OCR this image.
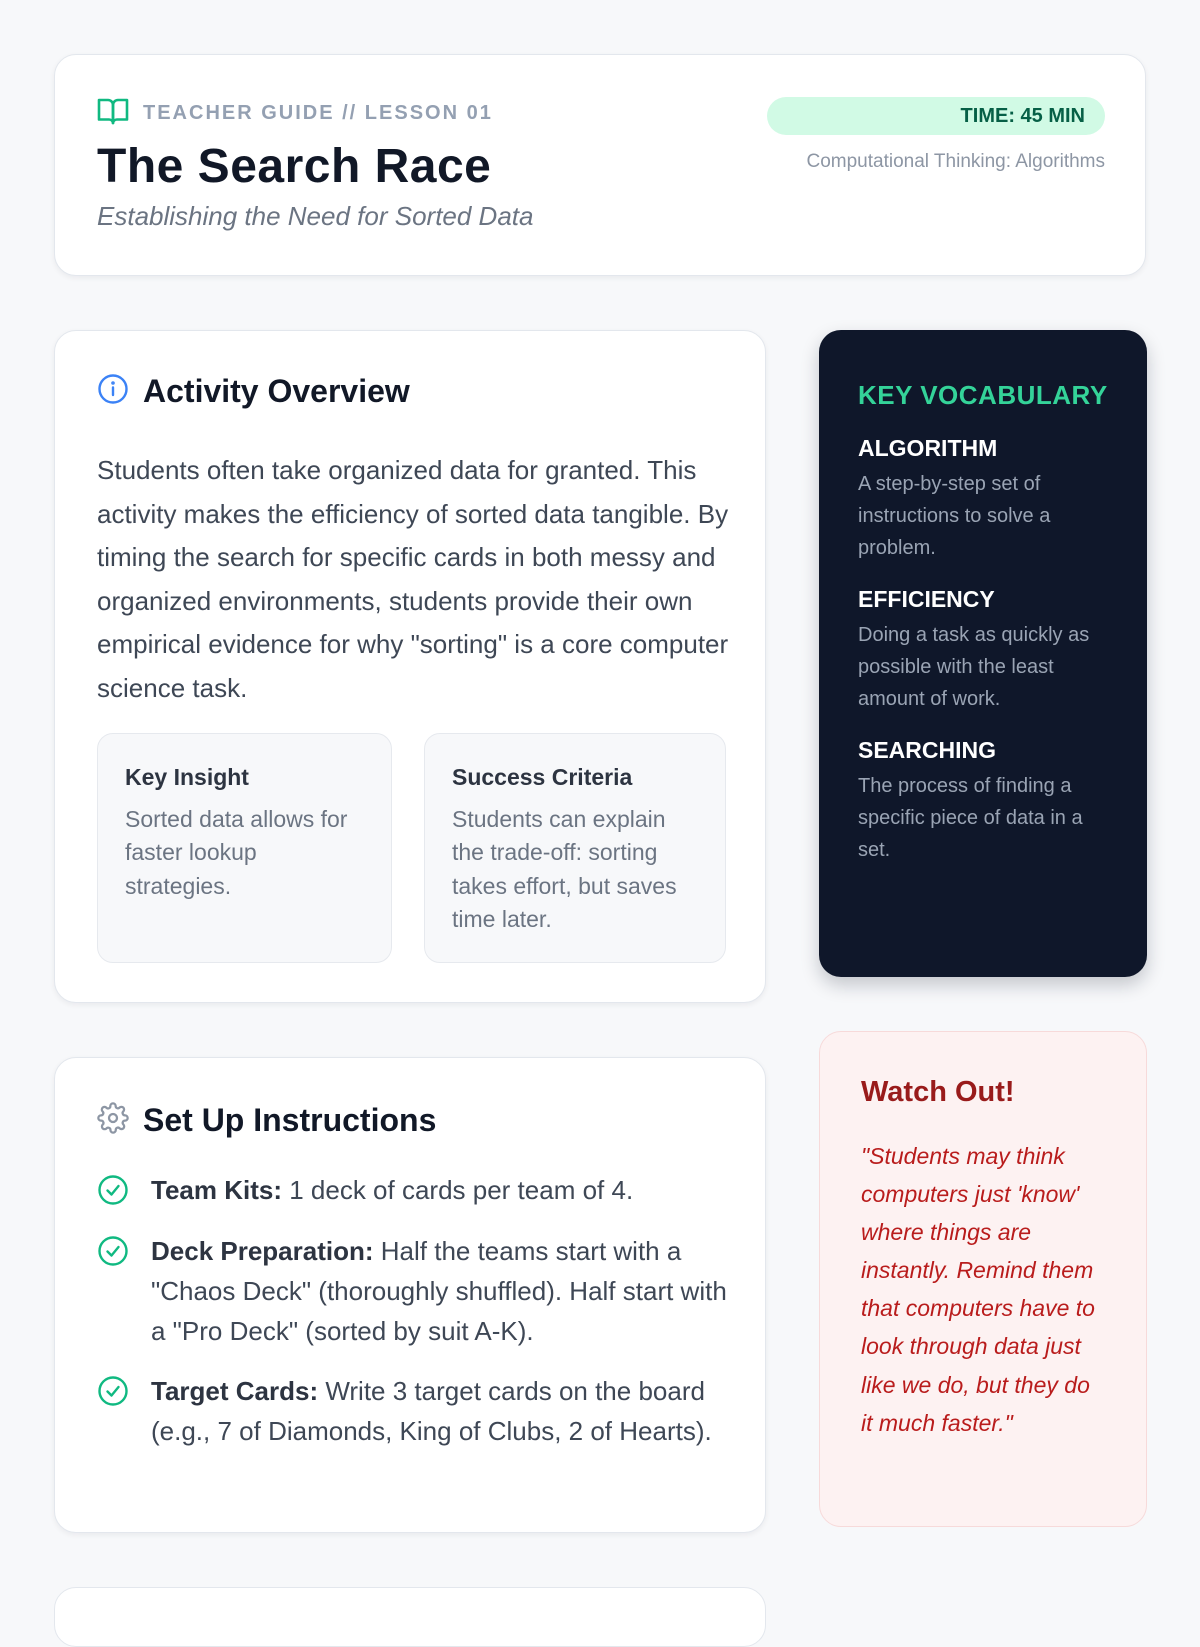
TEACHER GUIDE // LESSON 01
The Search Race
Establishing the Need for Sorted Data
TIME: 45 MIN
Computational Thinking: Algorithms
Activity Overview

Students often take organized data for granted. This activity makes the efficiency of sorted data tangible. By timing the search for specific cards in both messy and organized environments, students provide their own empirical evidence for why "sorting" is a core computer science task.

Key Insight
Sorted data allows for faster lookup strategies.
Success Criteria
Students can explain the trade-off: sorting takes effort, but saves time later.
KEY VOCABULARY
ALGORITHM
A step-by-step set of instructions to solve a problem.
EFFICIENCY
Doing a task as quickly as possible with the least amount of work.
SEARCHING
The process of finding a specific piece of data in a set.
Set Up Instructions
Team Kits: 1 deck of cards per team of 4.
Deck Preparation: Half the teams start with a "Chaos Deck" (thoroughly shuffled). Half start with a "Pro Deck" (sorted by suit A-K).
Target Cards: Write 3 target cards on the board (e.g., 7 of Diamonds, King of Clubs, 2 of Hearts).
Watch Out!
"Students may think computers just 'know' where things are instantly. Remind them that computers have to look through data just like we do, but they do it much faster."
